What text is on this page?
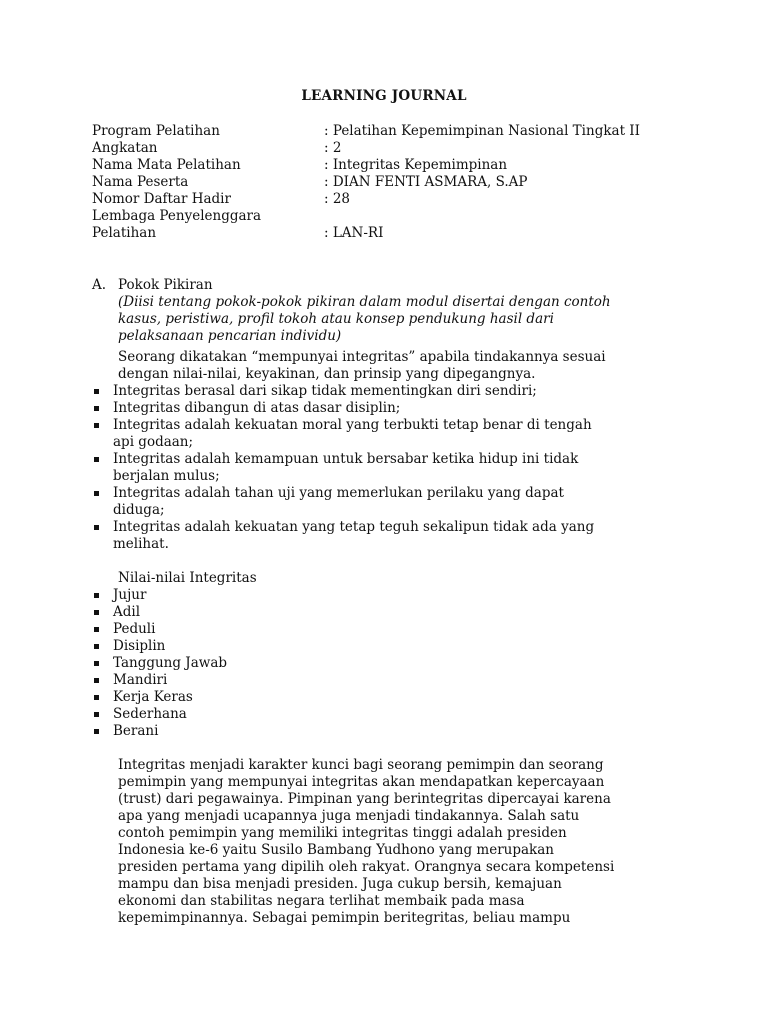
LEARNING JOURNAL
Program Pelatihan	: Pelatihan Kepemimpinan Nasional Tingkat II
Angkatan	: 2
Nama Mata Pelatihan	: Integritas Kepemimpinan
Nama Peserta	: DIAN FENTI ASMARA, S.AP
Nomor Daftar Hadir	: 28
Lembaga Penyelenggara
Pelatihan	: LAN-RI
A. Pokok Pikiran
(Diisi tentang pokok-pokok pikiran dalam modul disertai dengan contoh
kasus, peristiwa, profil tokoh atau konsep pendukung hasil dari
pelaksanaan pencarian individu)
Seorang dikatakan “mempunyai integritas” apabila tindakannya sesuai
dengan nilai-nilai, keyakinan, dan prinsip yang dipegangnya.
Integritas berasal dari sikap tidak mementingkan diri sendiri;
Integritas dibangun di atas dasar disiplin;
Integritas adalah kekuatan moral yang terbukti tetap benar di tengah
api godaan;
Integritas adalah kemampuan untuk bersabar ketika hidup ini tidak
berjalan mulus;
Integritas adalah tahan uji yang memerlukan perilaku yang dapat
diduga;
Integritas adalah kekuatan yang tetap teguh sekalipun tidak ada yang
melihat.
Nilai-nilai Integritas
Jujur
Adil
Peduli
Disiplin
Tanggung Jawab
Mandiri
Kerja Keras
Sederhana
Berani
Integritas menjadi karakter kunci bagi seorang pemimpin dan seorang
pemimpin yang mempunyai integritas akan mendapatkan kepercayaan
(trust) dari pegawainya. Pimpinan yang berintegritas dipercayai karena
apa yang menjadi ucapannya juga menjadi tindakannya. Salah satu
contoh pemimpin yang memiliki integritas tinggi adalah presiden
Indonesia ke-6 yaitu Susilo Bambang Yudhono yang merupakan
presiden pertama yang dipilih oleh rakyat. Orangnya secara kompetensi
mampu dan bisa menjadi presiden. Juga cukup bersih, kemajuan
ekonomi dan stabilitas negara terlihat membaik pada masa
kepemimpinannya. Sebagai pemimpin beritegritas, beliau mampu
